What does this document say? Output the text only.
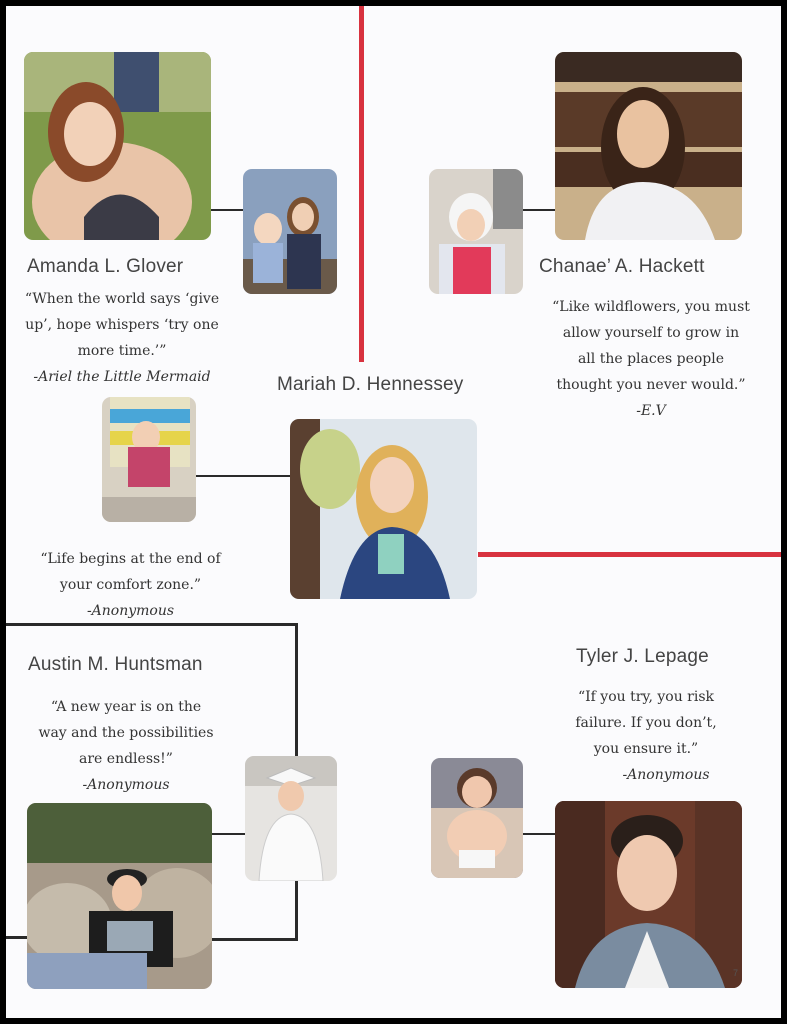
Amanda L. Glover
“When the world says ‘give
up’, hope whispers ‘try one
more time.’”
-Ariel the Little Mermaid
Chanae’ A. Hackett
“Like wildflowers, you must
allow yourself to grow in
all the places people
thought you never would.”
-E.V
Mariah D. Hennessey
“Life begins at the end of
your comfort zone.”
-Anonymous
Austin M. Huntsman
“A new year is on the
way and the possibilities
are endless!”
-Anonymous
Tyler J. Lepage
“If you try, you risk
failure. If you don’t,
you ensure it.”
-Anonymous
7
